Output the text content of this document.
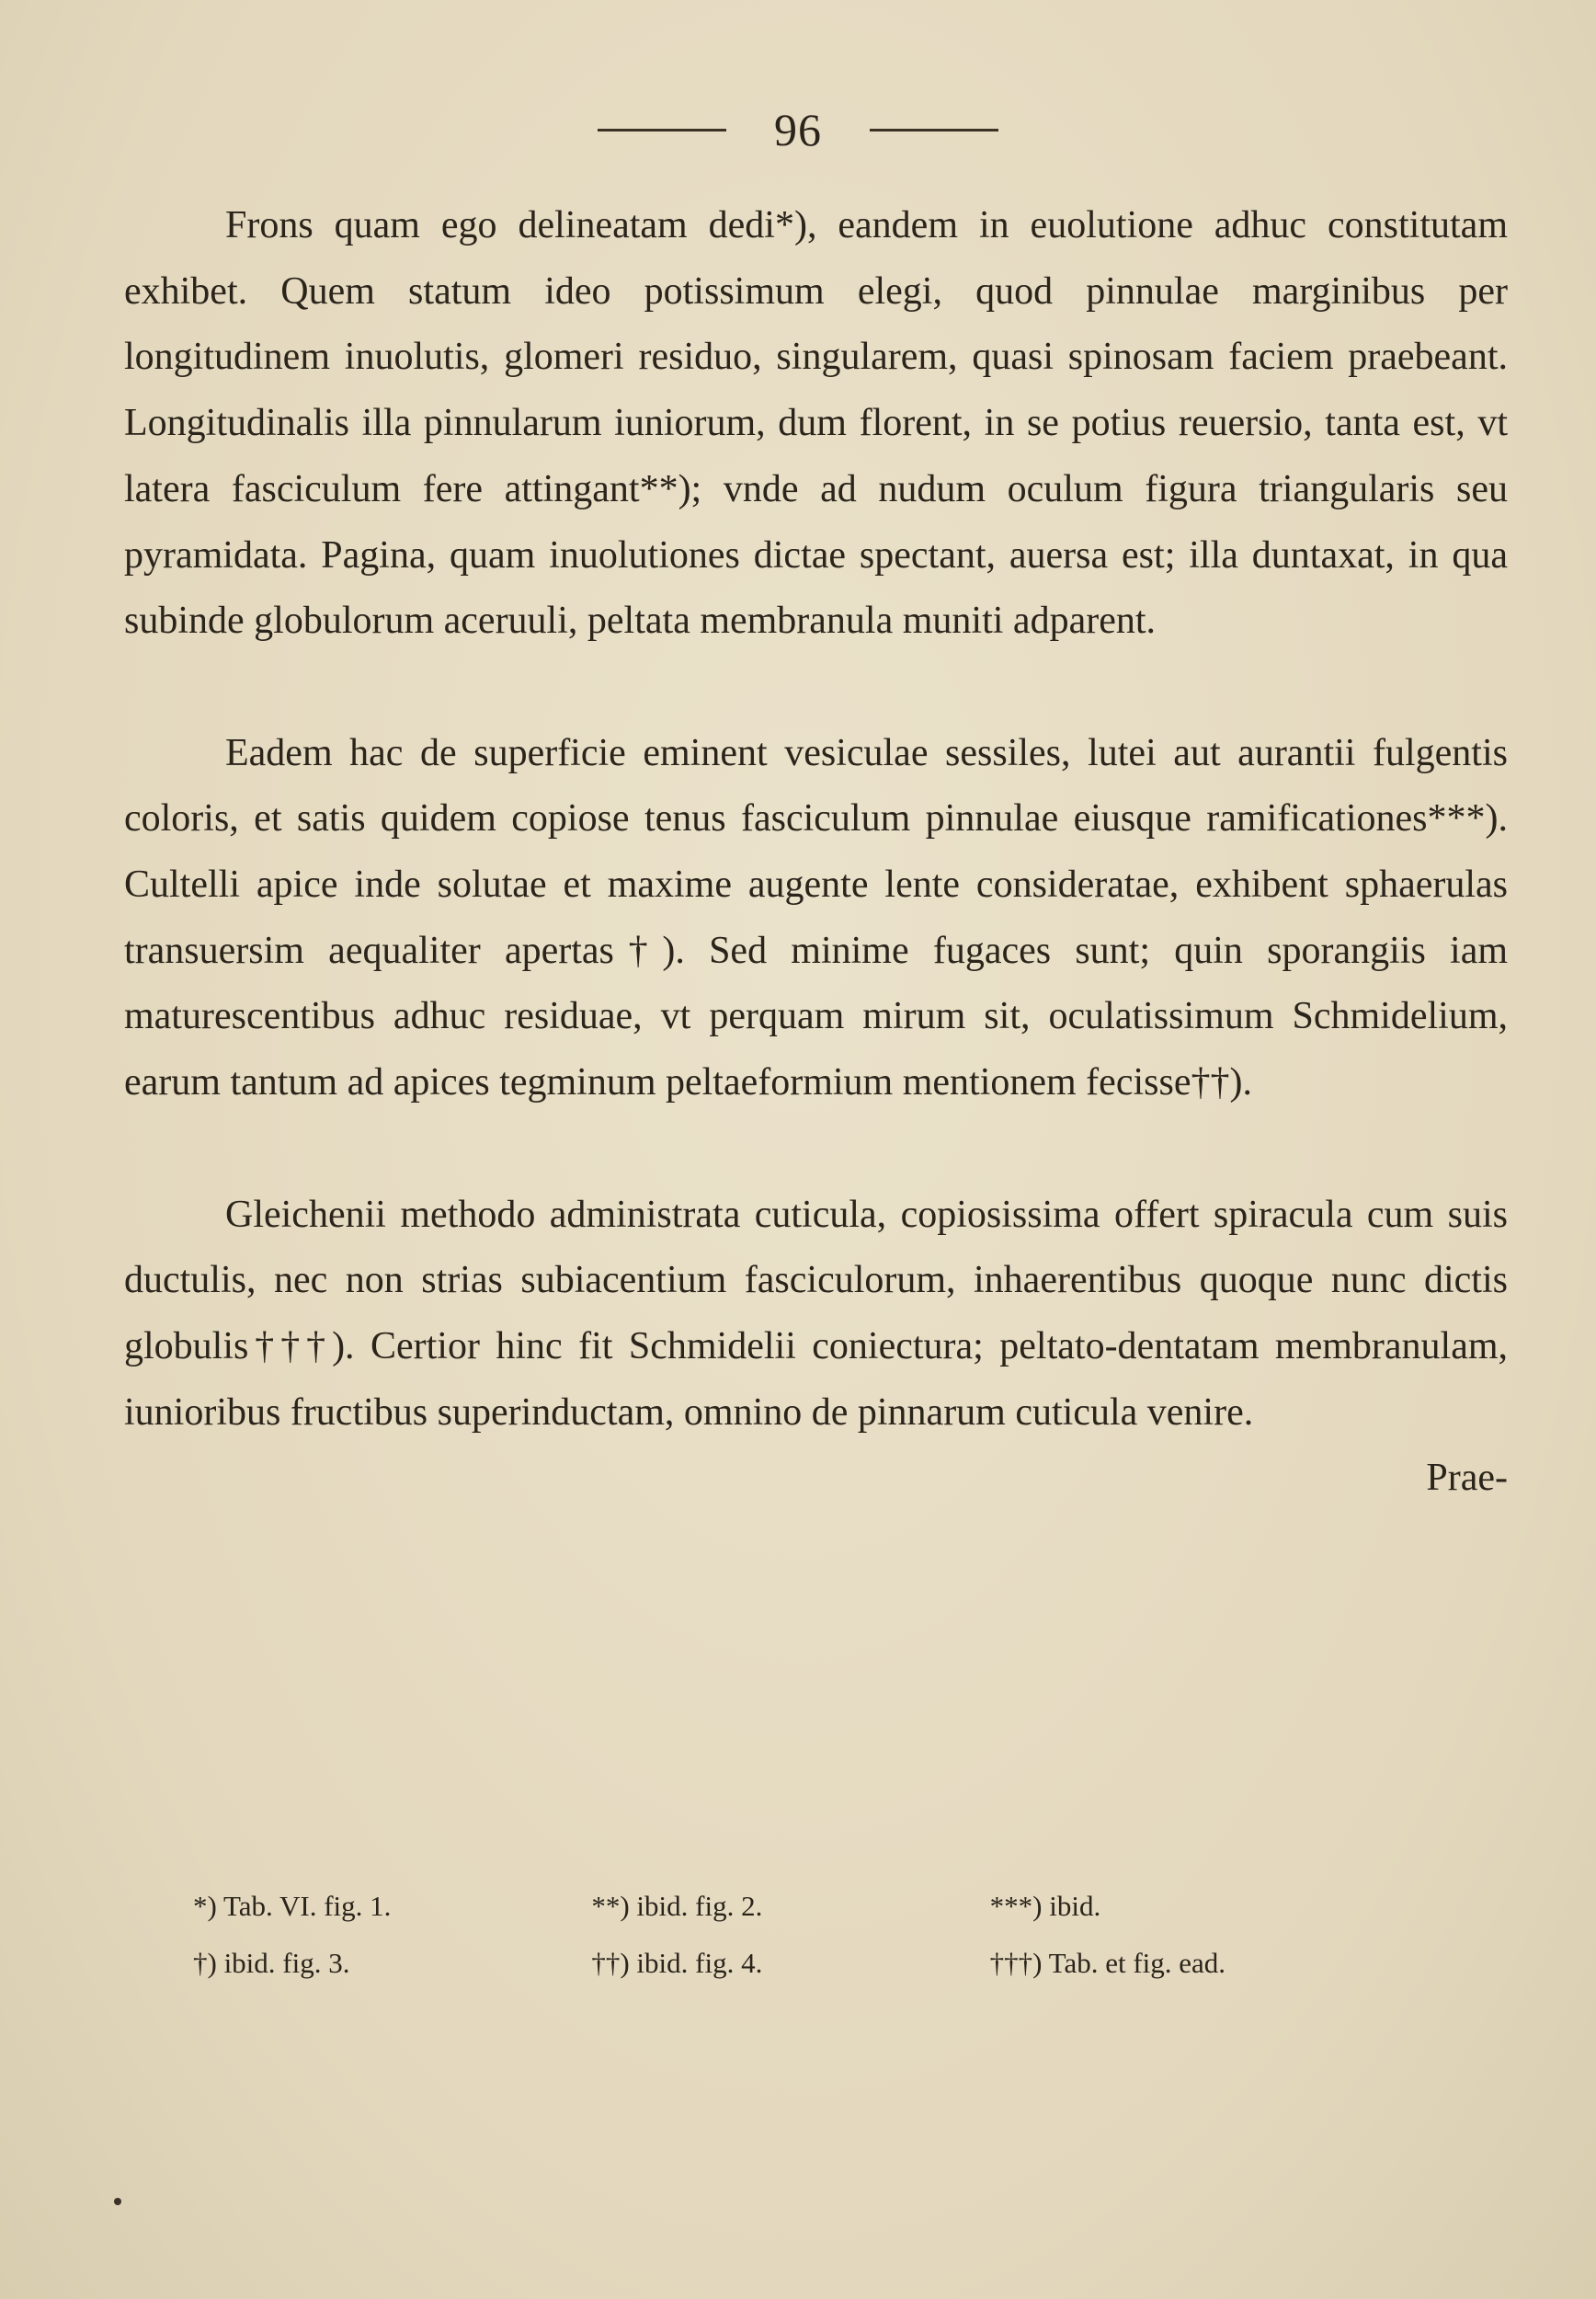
96

Frons quam ego delineatam dedi*), eandem in euolutione adhuc constitutam exhibet. Quem statum ideo potissimum elegi, quod pinnulae marginibus per longitudinem inuolutis, glomeri residuo, singularem, quasi spinosam faciem praebeant. Longitudinalis illa pinnularum iuniorum, dum florent, in se potius reuersio, tanta est, vt latera fasciculum fere attingant**); vnde ad nudum oculum figura triangularis seu pyramidata. Pagina, quam inuolutiones dictae spectant, auersa est; illa duntaxat, in qua subinde globulorum aceruuli, peltata membranula muniti adparent.

Eadem hac de superficie eminent vesiculae sessiles, lutei aut aurantii fulgentis coloris, et satis quidem copiose tenus fasciculum pinnulae eiusque ramificationes***). Cultelli apice inde solutae et maxime augente lente consideratae, exhibent sphaerulas transuersim aequaliter apertas†). Sed minime fugaces sunt; quin sporangiis iam maturescentibus adhuc residuae, vt perquam mirum sit, oculatissimum Schmidelium, earum tantum ad apices tegminum peltaeformium mentionem fecisse††).

Gleichenii methodo administrata cuticula, copiosissima offert spiracula cum suis ductulis, nec non strias subiacentium fasciculorum, inhaerentibus quoque nunc dictis globulis†††). Certior hinc fit Schmidelii coniectura; peltato-dentatam membranulam, iunioribus fructibus superinductam, omnino de pinnarum cuticula venire.

Prae-

*) Tab. VI. fig. 1.	**) ibid. fig. 2.	***) ibid.
†) ibid. fig. 3.	††) ibid. fig. 4.	†††) Tab. et fig. ead.
